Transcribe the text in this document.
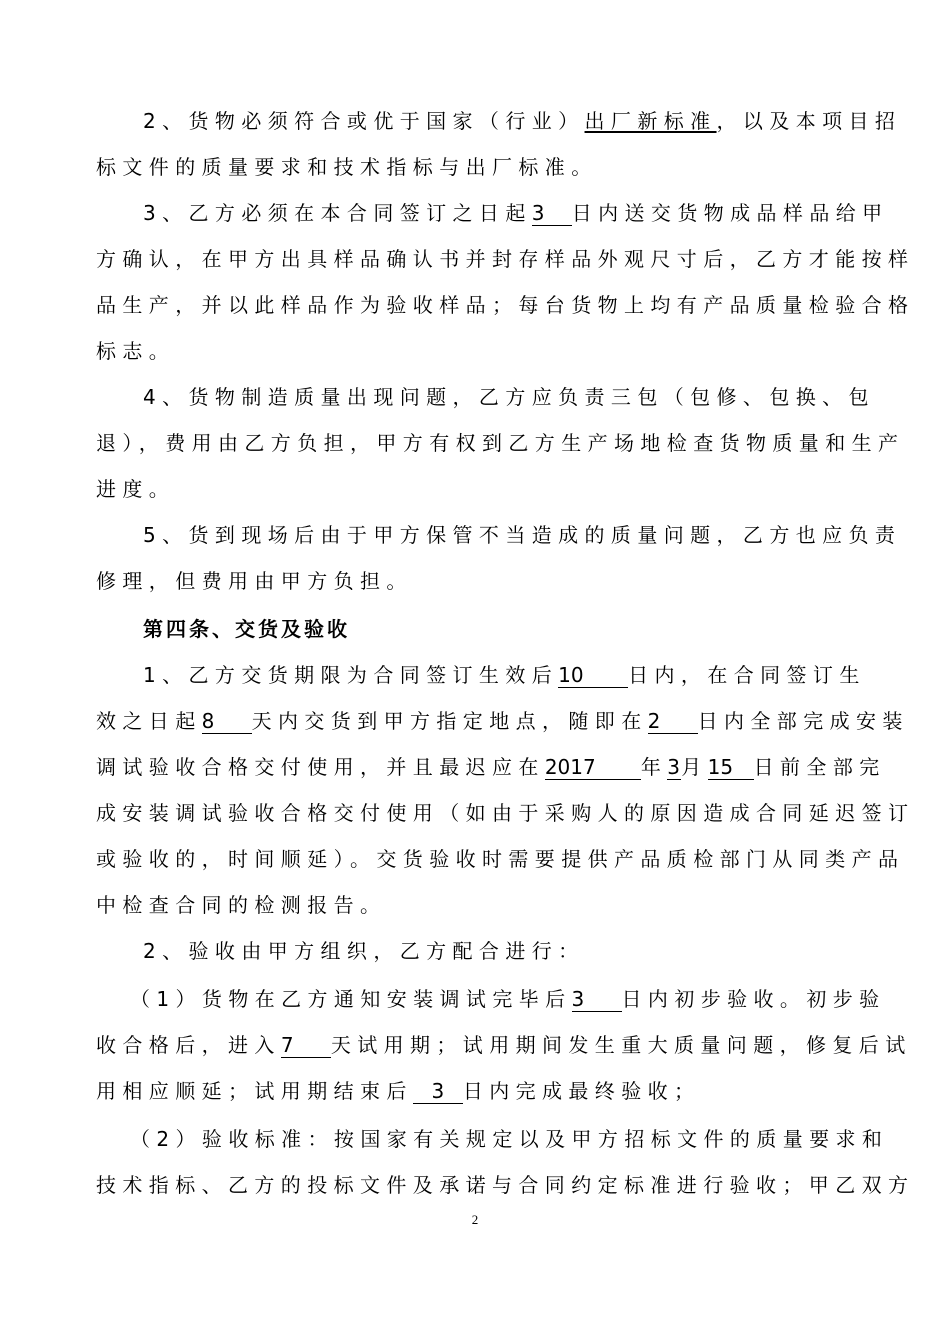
2、货物必须符合或优于国家（行业）出厂新标准，以及本项目招
标文件的质量要求和技术指标与出厂标准。
3、乙方必须在本合同签订之日起3 日内送交货物成品样品给甲
方确认，在甲方出具样品确认书并封存样品外观尺寸后，乙方才能按样
品生产，并以此样品作为验收样品；每台货物上均有产品质量检验合格
标志。
4、货物制造质量出现问题，乙方应负责三包（包修、包换、包
退），费用由乙方负担，甲方有权到乙方生产场地检查货物质量和生产
进度。
5、货到现场后由于甲方保管不当造成的质量问题，乙方也应负责
修理，但费用由甲方负担。
第四条、交货及验收
1、乙方交货期限为合同签订生效后10 日内，在合同签订生
效之日起8 天内交货到甲方指定地点，随即在2 日内全部完成安装
调试验收合格交付使用，并且最迟应在2017 年3月15 日前全部完
成安装调试验收合格交付使用（如由于采购人的原因造成合同延迟签订
或验收的，时间顺延）。交货验收时需要提供产品质检部门从同类产品
中检查合同的检测报告。
2、验收由甲方组织，乙方配合进行：
（1）货物在乙方通知安装调试完毕后3 日内初步验收。初步验
收合格后，进入7 天试用期；试用期间发生重大质量问题，修复后试
用相应顺延；试用期结束后 3 日内完成最终验收；
（2）验收标准：按国家有关规定以及甲方招标文件的质量要求和
技术指标、乙方的投标文件及承诺与合同约定标准进行验收；甲乙双方
2
